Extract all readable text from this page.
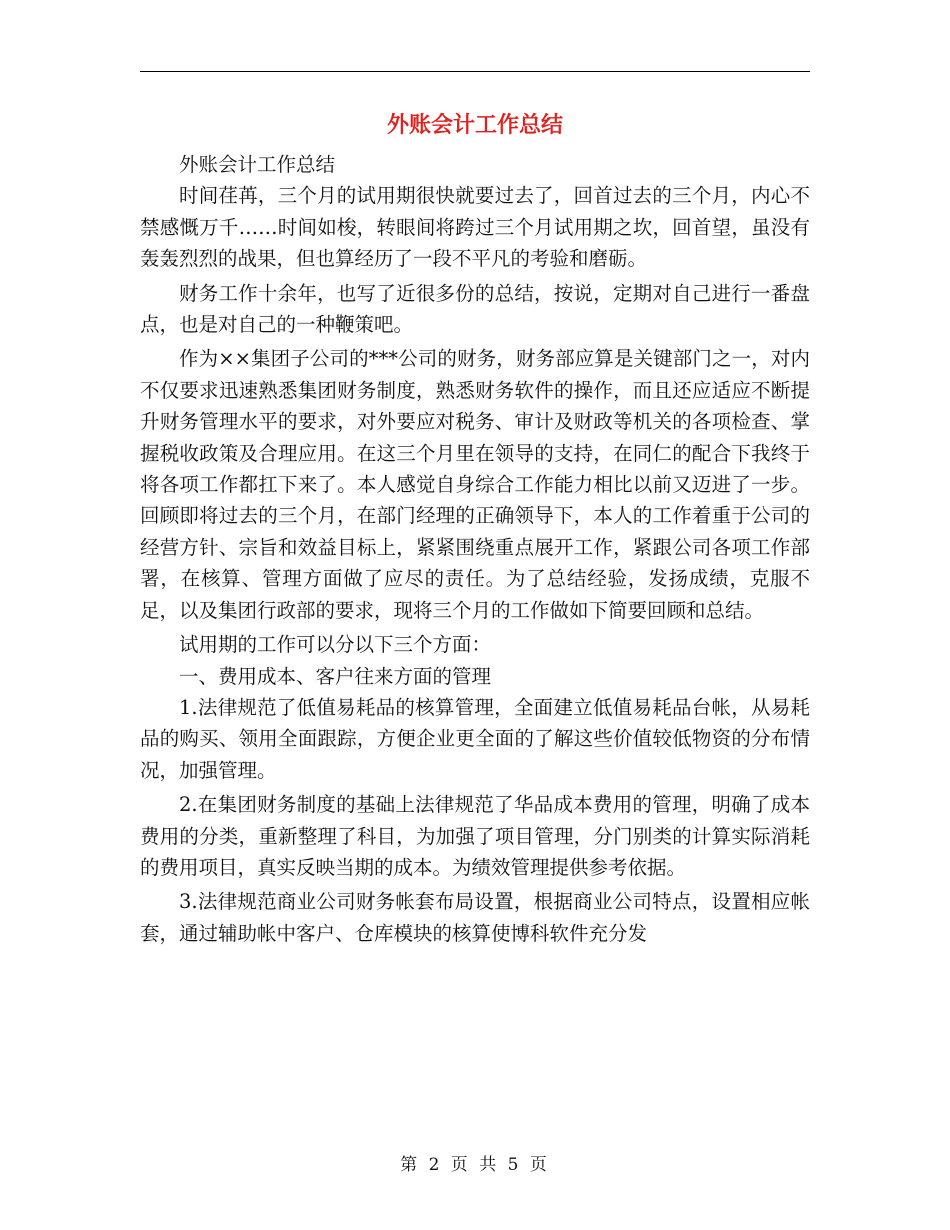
外账会计工作总结

外账会计工作总结

时间荏苒，三个月的试用期很快就要过去了，回首过去的三个月，内心不禁感慨万千……时间如梭，转眼间将跨过三个月试用期之坎，回首望，虽没有轰轰烈烈的战果，但也算经历了一段不平凡的考验和磨砺。

财务工作十余年，也写了近很多份的总结，按说，定期对自己进行一番盘点，也是对自己的一种鞭策吧。

作为××集团子公司的***公司的财务，财务部应算是关键部门之一，对内不仅要求迅速熟悉集团财务制度，熟悉财务软件的操作，而且还应适应不断提升财务管理水平的要求，对外要应对税务、审计及财政等机关的各项检查、掌握税收政策及合理应用。在这三个月里在领导的支持，在同仁的配合下我终于将各项工作都扛下来了。本人感觉自身综合工作能力相比以前又迈进了一步。回顾即将过去的三个月，在部门经理的正确领导下，本人的工作着重于公司的经营方针、宗旨和效益目标上，紧紧围绕重点展开工作，紧跟公司各项工作部署，在核算、管理方面做了应尽的责任。为了总结经验，发扬成绩，克服不足，以及集团行政部的要求，现将三个月的工作做如下简要回顾和总结。

试用期的工作可以分以下三个方面：

一、费用成本、客户往来方面的管理

1.法律规范了低值易耗品的核算管理，全面建立低值易耗品台帐，从易耗品的购买、领用全面跟踪，方便企业更全面的了解这些价值较低物资的分布情况，加强管理。

2.在集团财务制度的基础上法律规范了华品成本费用的管理，明确了成本费用的分类，重新整理了科目，为加强了项目管理，分门别类的计算实际消耗的费用项目，真实反映当期的成本。为绩效管理提供参考依据。

3.法律规范商业公司财务帐套布局设置，根据商业公司特点，设置相应帐套，通过辅助帐中客户、仓库模块的核算使博科软件充分发

第 2 页 共 5 页
